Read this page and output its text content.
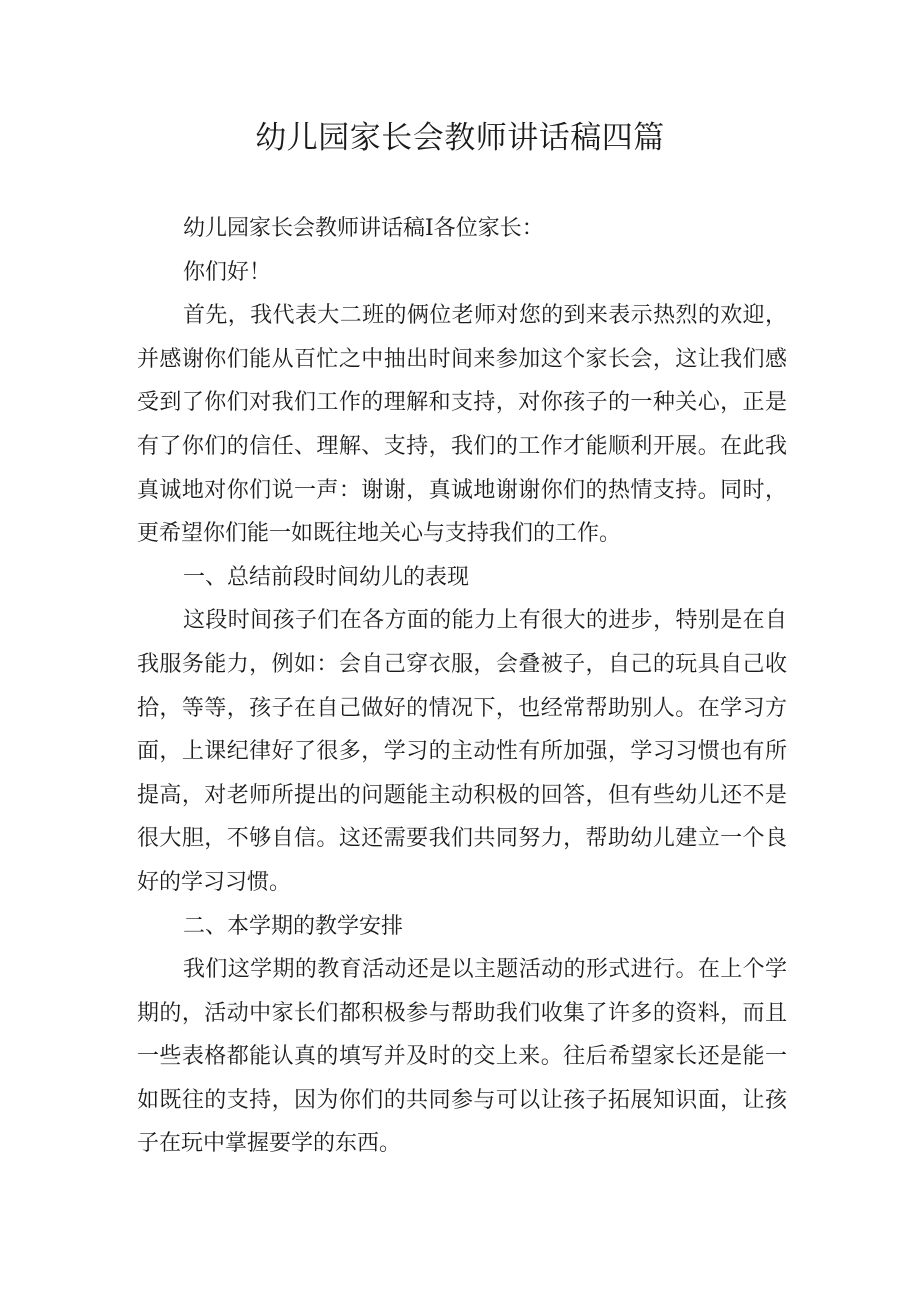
幼儿园家长会教师讲话稿四篇

幼儿园家长会教师讲话稿Ⅰ各位家长：

你们好！

首先，我代表大二班的俩位老师对您的到来表示热烈的欢迎，并感谢你们能从百忙之中抽出时间来参加这个家长会，这让我们感受到了你们对我们工作的理解和支持，对你孩子的一种关心，正是有了你们的信任、理解、支持，我们的工作才能顺利开展。在此我真诚地对你们说一声：谢谢，真诚地谢谢你们的热情支持。同时，更希望你们能一如既往地关心与支持我们的工作。

一、总结前段时间幼儿的表现

这段时间孩子们在各方面的能力上有很大的进步，特别是在自我服务能力，例如：会自己穿衣服，会叠被子，自己的玩具自己收拾，等等，孩子在自己做好的情况下，也经常帮助别人。在学习方面，上课纪律好了很多，学习的主动性有所加强，学习习惯也有所提高，对老师所提出的问题能主动积极的回答，但有些幼儿还不是很大胆，不够自信。这还需要我们共同努力，帮助幼儿建立一个良好的学习习惯。

二、本学期的教学安排

我们这学期的教育活动还是以主题活动的形式进行。在上个学期的，活动中家长们都积极参与帮助我们收集了许多的资料，而且一些表格都能认真的填写并及时的交上来。往后希望家长还是能一如既往的支持，因为你们的共同参与可以让孩子拓展知识面，让孩子在玩中掌握要学的东西。
